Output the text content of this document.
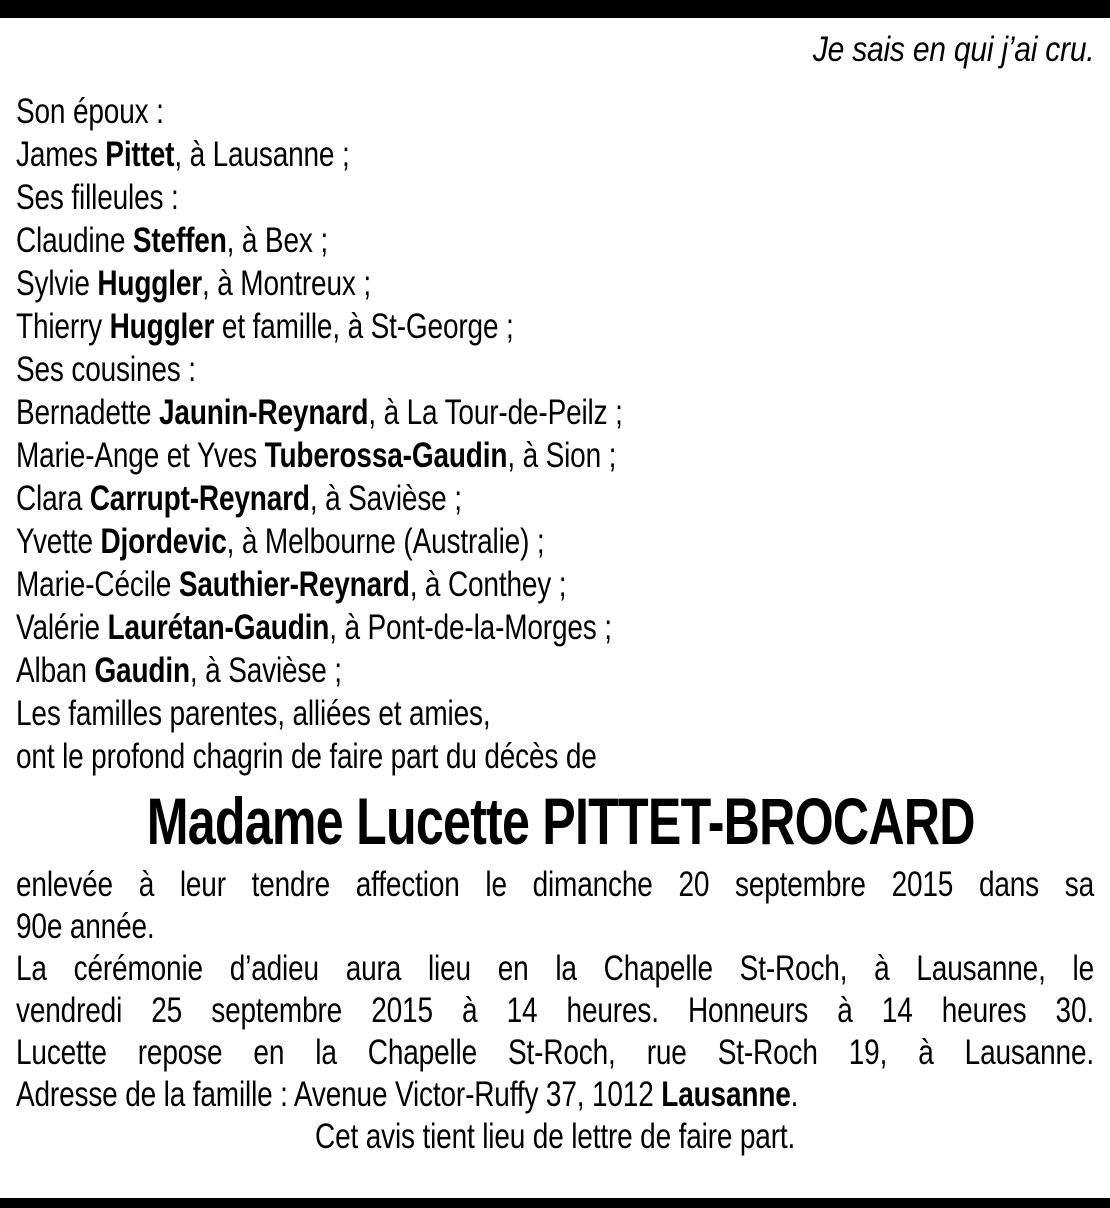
Je sais en qui j’ai cru.
Son époux :
James Pittet, à Lausanne ;
Ses filleules :
Claudine Steffen, à Bex ;
Sylvie Huggler, à Montreux ;
Thierry Huggler et famille, à St-George ;
Ses cousines :
Bernadette Jaunin-Reynard, à La Tour-de-Peilz ;
Marie-Ange et Yves Tuberossa-Gaudin, à Sion ;
Clara Carrupt-Reynard, à Savièse ;
Yvette Djordevic, à Melbourne (Australie) ;
Marie-Cécile Sauthier-Reynard, à Conthey ;
Valérie Laurétan-Gaudin, à Pont-de-la-Morges ;
Alban Gaudin, à Savièse ;
Les familles parentes, alliées et amies,
ont le profond chagrin de faire part du décès de
Madame Lucette PITTET-BROCARD

enlevée à leur tendre affection le dimanche 20 septembre 2015 dans sa
90e année.

La cérémonie d’adieu aura lieu en la Chapelle St-Roch, à Lausanne, le
vendredi 25 septembre 2015 à 14 heures. Honneurs à 14 heures 30.
Lucette repose en la Chapelle St-Roch, rue St-Roch 19, à Lausanne.

Adresse de la famille : Avenue Victor-Ruffy 37, 1012 Lausanne.

Cet avis tient lieu de lettre de faire part.
